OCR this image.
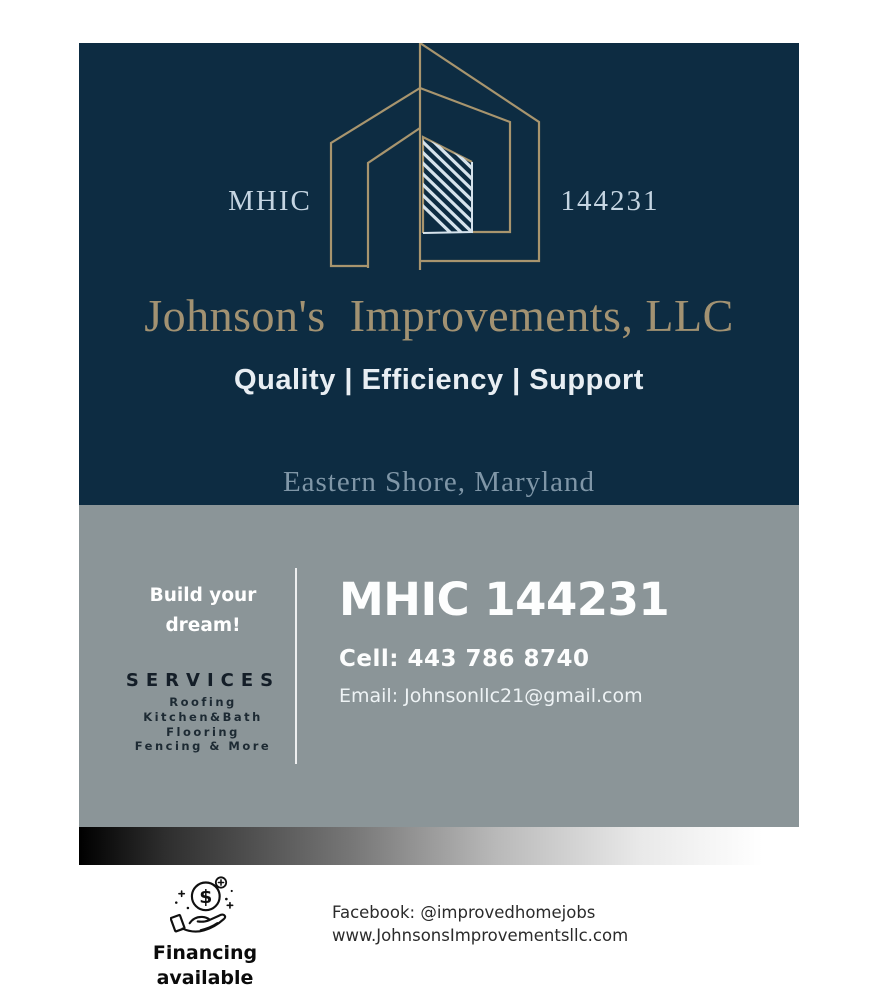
MHIC	144231
Johnson's  Improvements, LLC
Quality | Efficiency | Support
Eastern Shore, Maryland
Build your dream!
SERVICES
Roofing
Kitchen&Bath
Flooring
Fencing & More
MHIC 144231
Cell: 443 786 8740
Email: Johnsonllc21@gmail.com
$
Financing
available
Facebook: @improvedhomejobs
www.JohnsonsImprovementsllc.com
